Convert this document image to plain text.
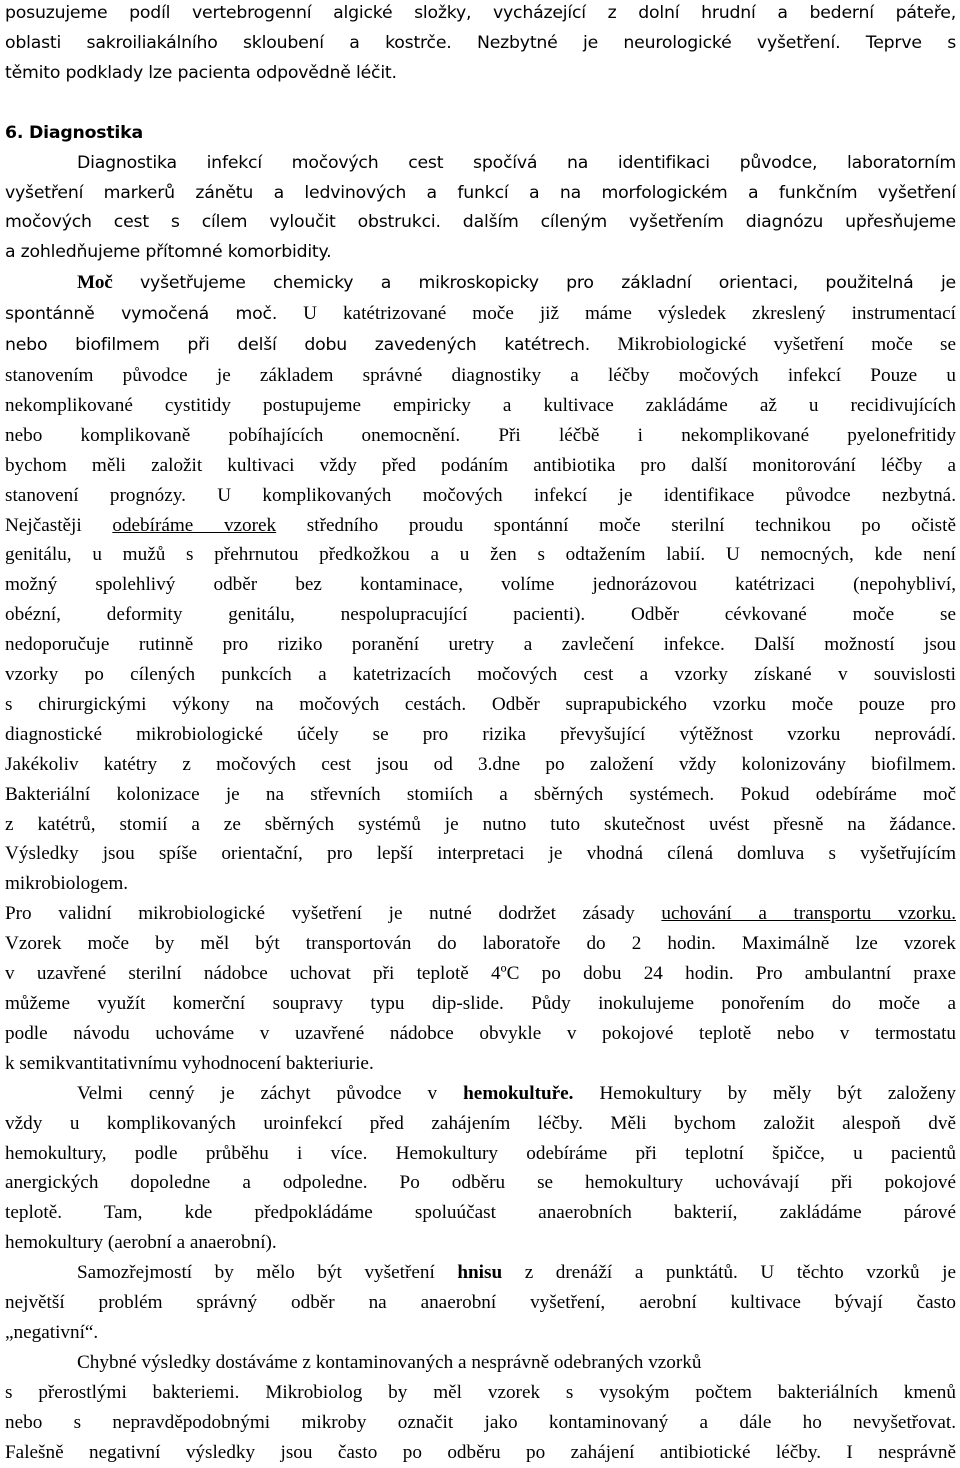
posuzujeme podíl vertebrogenní algické složky, vycházející z dolní hrudní a bederní páteře,

oblasti sakroiliakálního skloubení a kostrče. Nezbytné je neurologické vyšetření. Teprve s

těmito podklady lze pacienta odpovědně léčit.

6. Diagnostika

Diagnostika infekcí močových cest spočívá na identifikaci původce, laboratorním

vyšetření markerů zánětu a ledvinových a funkcí a na morfologickém a funkčním vyšetření

močových cest s cílem vyloučit obstrukci. dalším cíleným vyšetřením diagnózu upřesňujeme

a zohledňujeme přítomné komorbidity.

Moč vyšetřujeme chemicky a mikroskopicky pro základní orientaci, použitelná je

spontánně vymočená moč. U katétrizované moče již máme výsledek zkreslený instrumentací

nebo biofilmem při delší dobu zavedených katétrech. Mikrobiologické vyšetření moče se

stanovením původce je základem správné diagnostiky a léčby močových infekcí Pouze u

nekomplikované cystitidy postupujeme empiricky a kultivace zakládáme až u recidivujících

nebo komplikovaně pobíhajících onemocnění. Při léčbě i nekomplikované pyelonefritidy

bychom měli založit kultivaci vždy před podáním antibiotika pro další monitorování léčby a

stanovení prognózy. U komplikovaných močových infekcí je identifikace původce nezbytná.

Nejčastěji odebíráme vzorek středního proudu spontánní moče sterilní technikou po očistě

genitálu, u mužů s přehrnutou předkožkou a u žen s odtažením labií. U nemocných, kde není

možný spolehlivý odběr bez kontaminace, volíme jednorázovou katétrizaci (nepohybliví,

obézní, deformity genitálu, nespolupracující pacienti). Odběr cévkované moče se

nedoporučuje rutinně pro riziko poranění uretry a zavlečení infekce. Další možností jsou

vzorky po cílených punkcích a katetrizacích močových cest a vzorky získané v souvislosti

s chirurgickými výkony na močových cestách. Odběr suprapubického vzorku moče pouze pro

diagnostické mikrobiologické účely se pro rizika převyšující výtěžnost vzorku neprovádí.

Jakékoliv katétry z močových cest jsou od 3.dne po založení vždy kolonizovány biofilmem.

Bakteriální kolonizace je na střevních stomiích a sběrných systémech. Pokud odebíráme moč

z katétrů, stomií a ze sběrných systémů je nutno tuto skutečnost uvést přesně na žádance.

Výsledky jsou spíše orientační, pro lepší interpretaci je vhodná cílená domluva s vyšetřujícím

mikrobiologem.

Pro validní mikrobiologické vyšetření je nutné dodržet zásady uchování a transportu vzorku.

Vzorek moče by měl být transportován do laboratoře do 2 hodin. Maximálně lze vzorek

v uzavřené sterilní nádobce uchovat při teplotě 4ºC po dobu 24 hodin. Pro ambulantní praxe

můžeme využít komerční soupravy typu dip-slide. Půdy inokulujeme ponořením do moče a

podle návodu uchováme v uzavřené nádobce obvykle v pokojové teplotě nebo v termostatu

k semikvantitativnímu vyhodnocení bakteriurie.

Velmi cenný je záchyt původce v hemokultuře. Hemokultury by měly být založeny

vždy u komplikovaných uroinfekcí před zahájením léčby. Měli bychom založit alespoň dvě

hemokultury, podle průběhu i více. Hemokultury odebíráme při teplotní špičce, u pacientů

anergických dopoledne a odpoledne. Po odběru se hemokultury uchovávají při pokojové

teplotě. Tam, kde předpokládáme spoluúčast anaerobních bakterií, zakládáme párové

hemokultury (aerobní a anaerobní).

Samozřejmostí by mělo být vyšetření hnisu z drenáží a punktátů. U těchto vzorků je

největší problém správný odběr na anaerobní vyšetření, aerobní kultivace bývají často

„negativní“.

Chybné výsledky dostáváme z kontaminovaných a nesprávně odebraných vzorků

s přerostlými bakteriemi. Mikrobiolog by měl vzorek s vysokým počtem bakteriálních kmenů

nebo s nepravděpodobnými mikroby označit jako kontaminovaný a dále ho nevyšetřovat.

Falešně negativní výsledky jsou často po odběru po zahájení antibiotické léčby. I nesprávně
